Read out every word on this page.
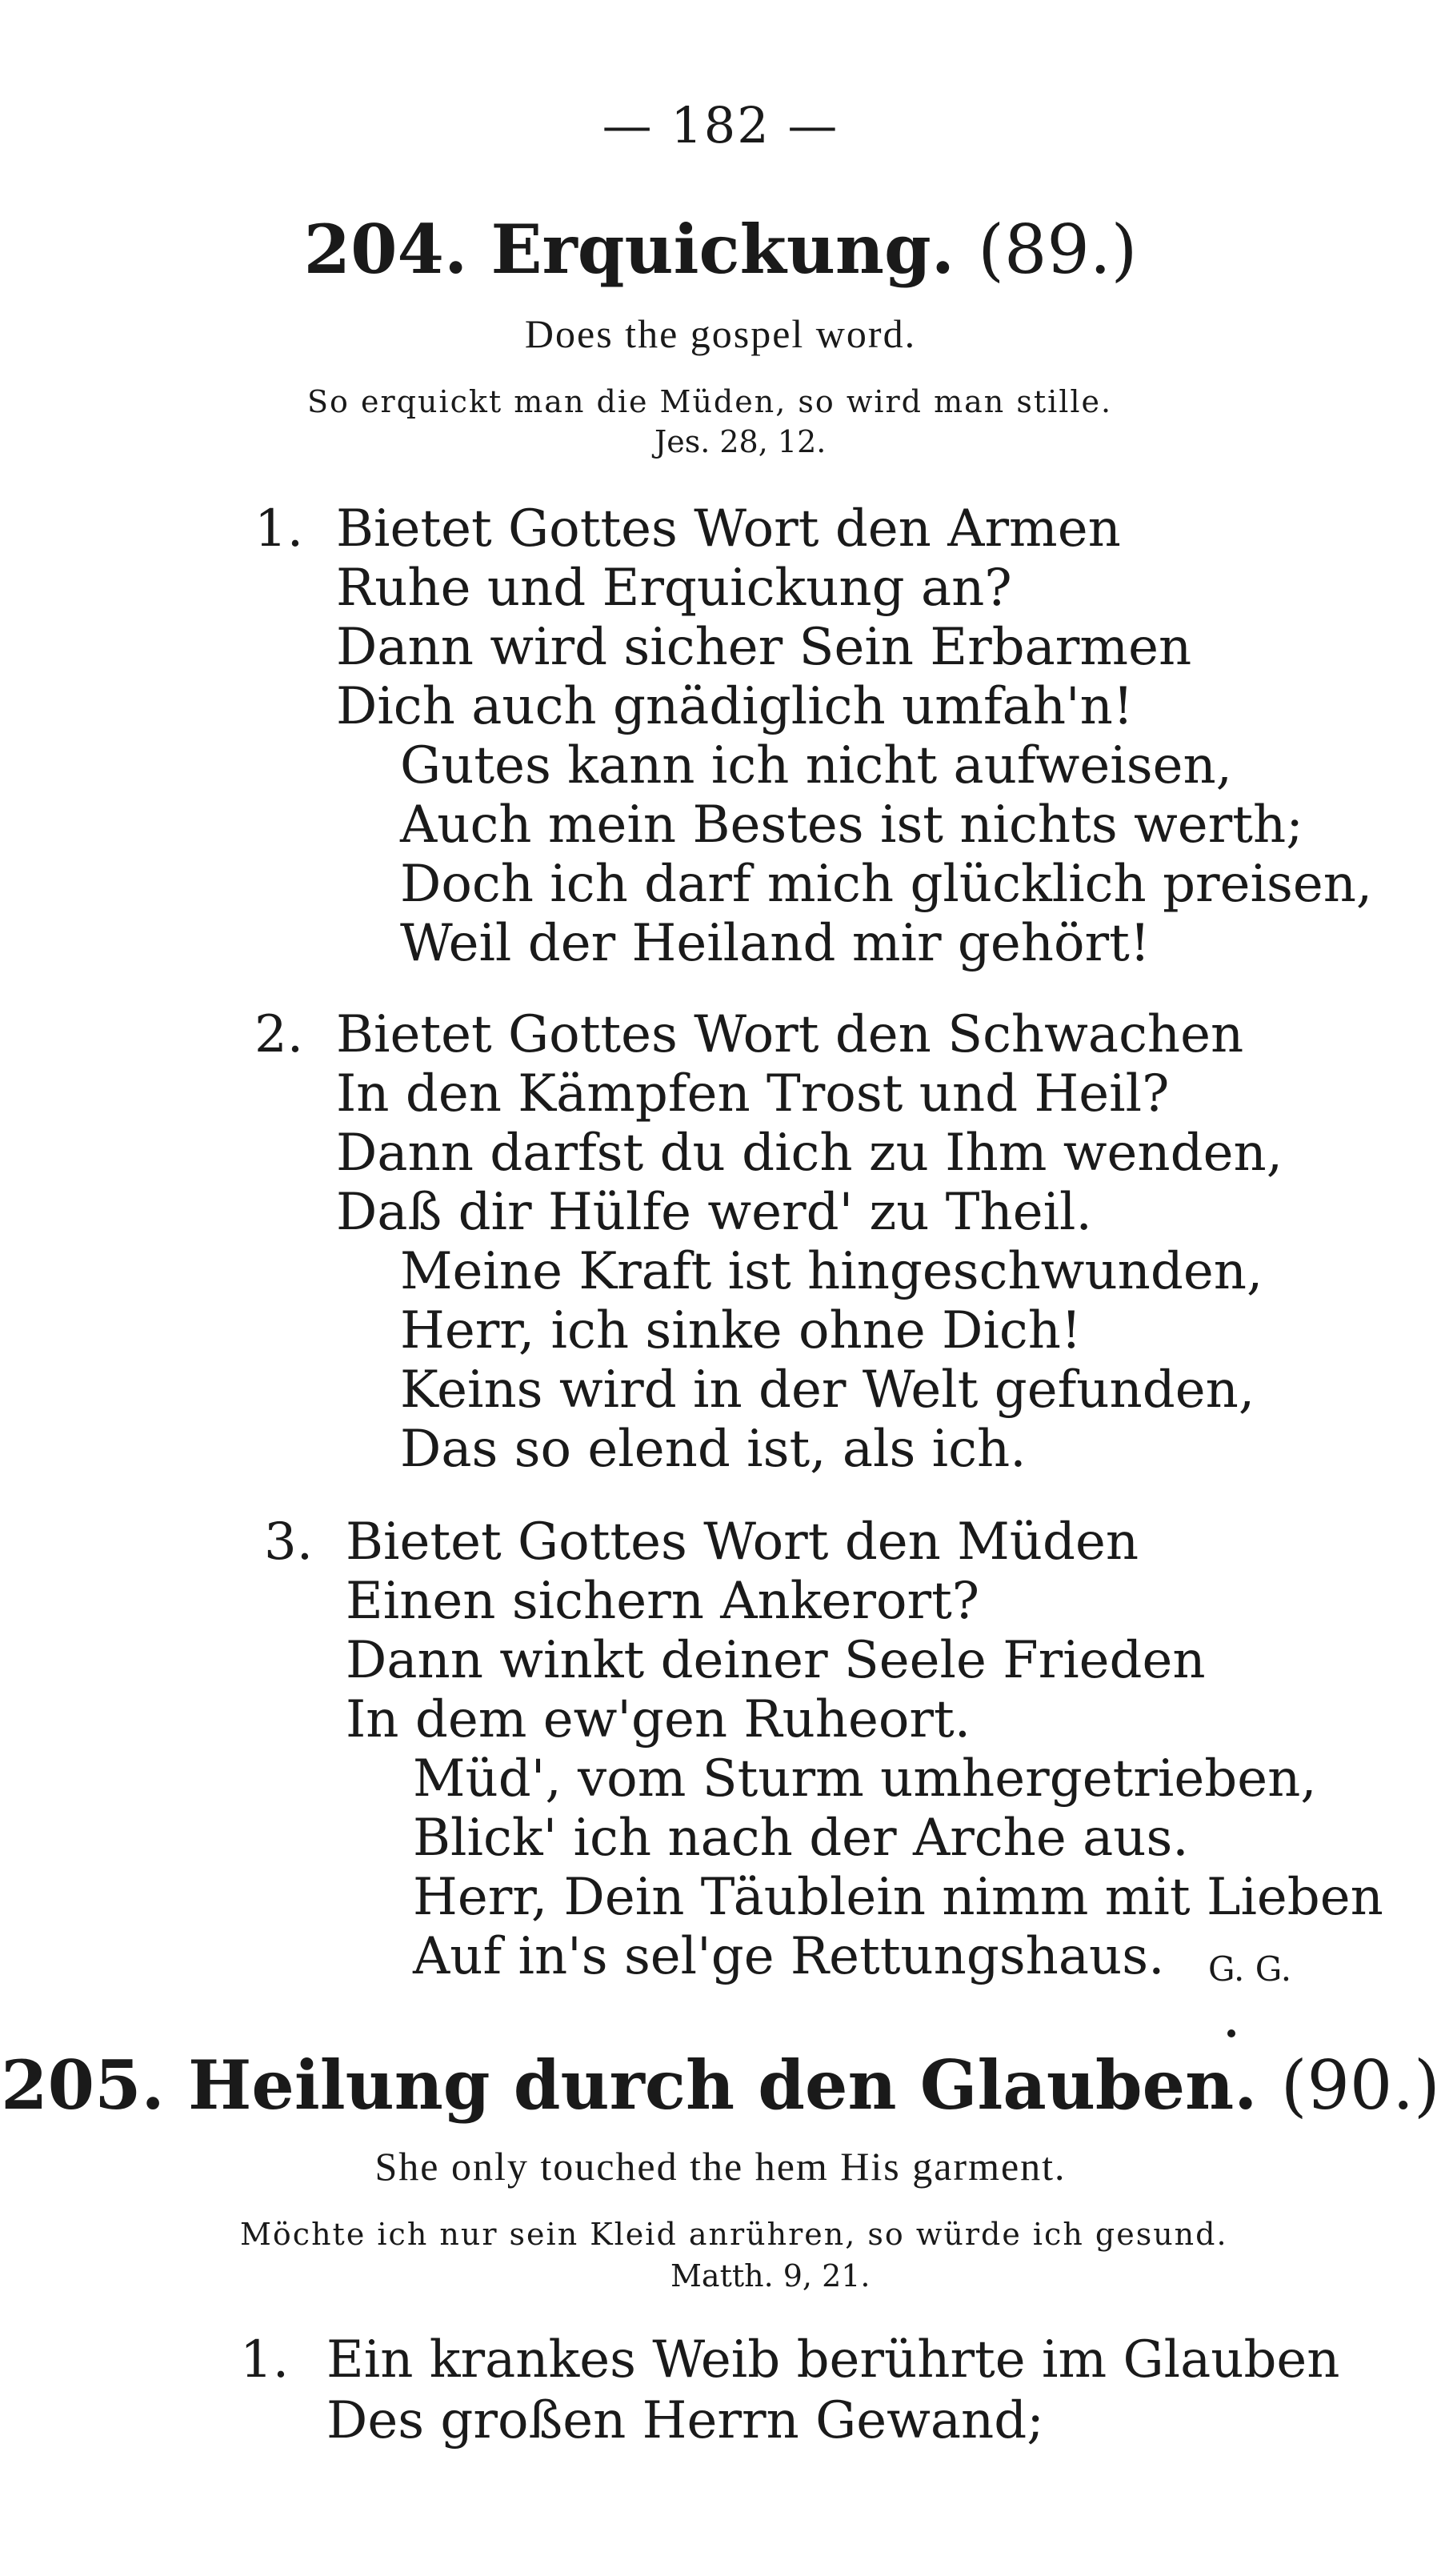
— 182 —
204. Erquickung. (89.)
Does the gospel word.
So erquickt man die Müden, so wird man stille.
Jes. 28, 12.
1. Bietet Gottes Wort den Armen
Ruhe und Erquickung an?
Dann wird sicher Sein Erbarmen
Dich auch gnädiglich umfah'n!
Gutes kann ich nicht aufweisen,
Auch mein Bestes ist nichts werth;
Doch ich darf mich glücklich preisen,
Weil der Heiland mir gehört!
2. Bietet Gottes Wort den Schwachen
In den Kämpfen Trost und Heil?
Dann darfst du dich zu Ihm wenden,
Daß dir Hülfe werd' zu Theil.
Meine Kraft ist hingeschwunden,
Herr, ich sinke ohne Dich!
Keins wird in der Welt gefunden,
Das so elend ist, als ich.
3. Bietet Gottes Wort den Müden
Einen sichern Ankerort?
Dann winkt deiner Seele Frieden
In dem ew'gen Ruheort.
Müd', vom Sturm umhergetrieben,
Blick' ich nach der Arche aus.
Herr, Dein Täublein nimm mit Lieben
Auf in's sel'ge Rettungshaus. G. G.
205. Heilung durch den Glauben. (90.)
She only touched the hem His garment.
Möchte ich nur sein Kleid anrühren, so würde ich gesund.
Matth. 9, 21.
1. Ein krankes Weib berührte im Glauben
Des großen Herrn Gewand;
